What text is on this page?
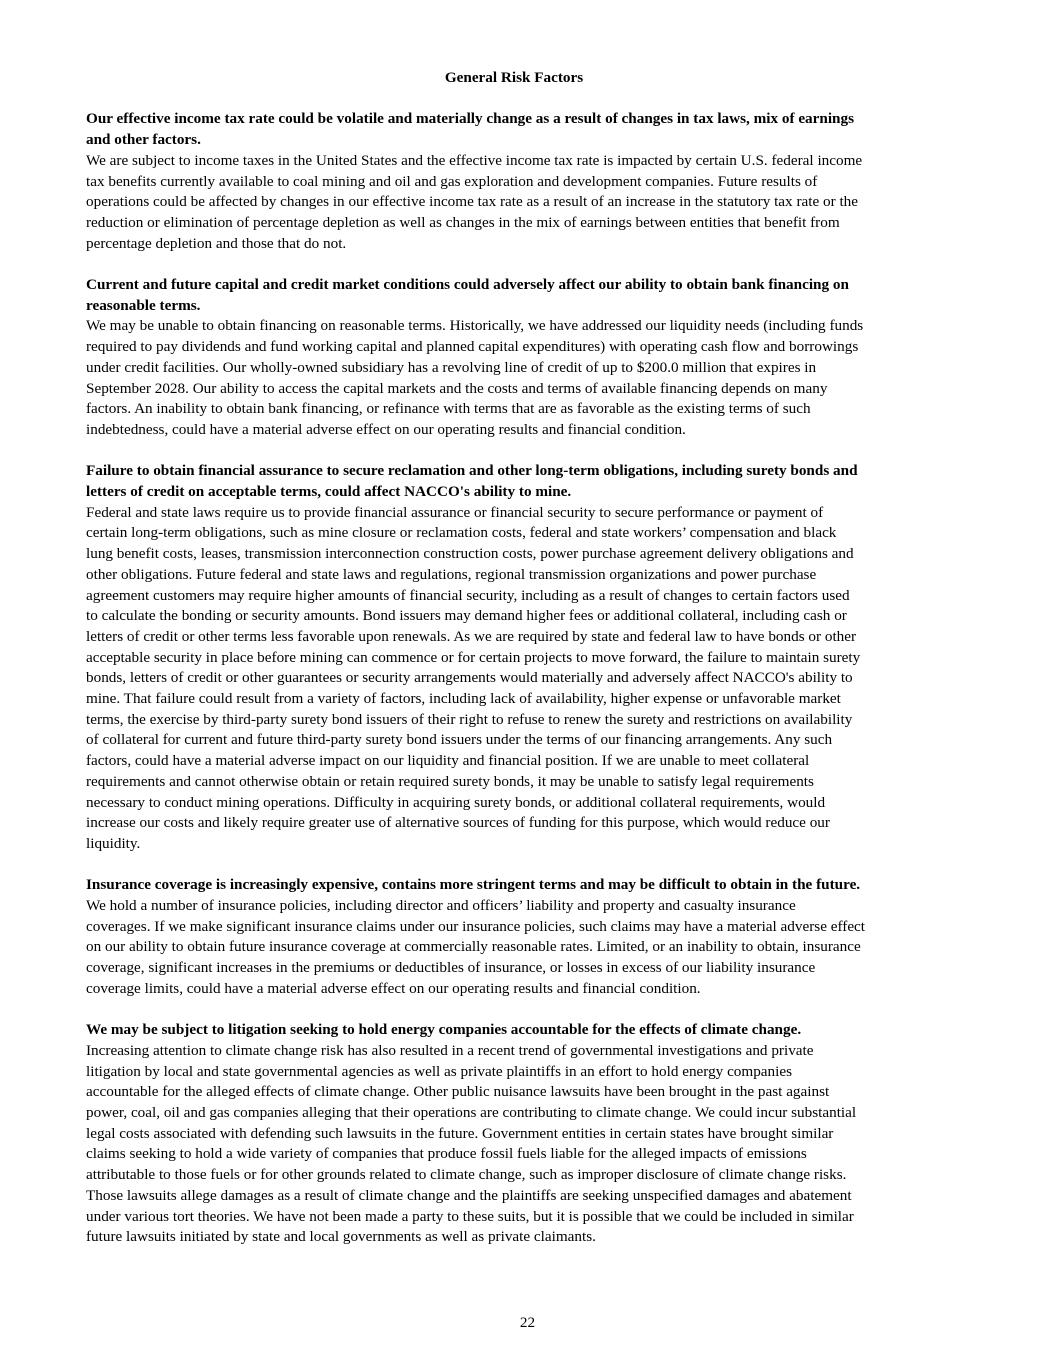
General Risk Factors
Our effective income tax rate could be volatile and materially change as a result of changes in tax laws, mix of earnings
and other factors.
We are subject to income taxes in the United States and the effective income tax rate is impacted by certain U.S. federal income
tax benefits currently available to coal mining and oil and gas exploration and development companies. Future results of
operations could be affected by changes in our effective income tax rate as a result of an increase in the statutory tax rate or the
reduction or elimination of percentage depletion as well as changes in the mix of earnings between entities that benefit from
percentage depletion and those that do not.
Current and future capital and credit market conditions could adversely affect our ability to obtain bank financing on
reasonable terms.
We may be unable to obtain financing on reasonable terms. Historically, we have addressed our liquidity needs (including funds
required to pay dividends and fund working capital and planned capital expenditures) with operating cash flow and borrowings
under credit facilities. Our wholly-owned subsidiary has a revolving line of credit of up to $200.0 million that expires in
September 2028. Our ability to access the capital markets and the costs and terms of available financing depends on many
factors. An inability to obtain bank financing, or refinance with terms that are as favorable as the existing terms of such
indebtedness, could have a material adverse effect on our operating results and financial condition.
Failure to obtain financial assurance to secure reclamation and other long-term obligations, including surety bonds and
letters of credit on acceptable terms, could affect NACCO's ability to mine.
Federal and state laws require us to provide financial assurance or financial security to secure performance or payment of
certain long-term obligations, such as mine closure or reclamation costs, federal and state workers’ compensation and black
lung benefit costs, leases, transmission interconnection construction costs, power purchase agreement delivery obligations and
other obligations. Future federal and state laws and regulations, regional transmission organizations and power purchase
agreement customers may require higher amounts of financial security, including as a result of changes to certain factors used
to calculate the bonding or security amounts. Bond issuers may demand higher fees or additional collateral, including cash or
letters of credit or other terms less favorable upon renewals. As we are required by state and federal law to have bonds or other
acceptable security in place before mining can commence or for certain projects to move forward, the failure to maintain surety
bonds, letters of credit or other guarantees or security arrangements would materially and adversely affect NACCO's ability to
mine. That failure could result from a variety of factors, including lack of availability, higher expense or unfavorable market
terms, the exercise by third-party surety bond issuers of their right to refuse to renew the surety and restrictions on availability
of collateral for current and future third-party surety bond issuers under the terms of our financing arrangements. Any such
factors, could have a material adverse impact on our liquidity and financial position. If we are unable to meet collateral
requirements and cannot otherwise obtain or retain required surety bonds, it may be unable to satisfy legal requirements
necessary to conduct mining operations. Difficulty in acquiring surety bonds, or additional collateral requirements, would
increase our costs and likely require greater use of alternative sources of funding for this purpose, which would reduce our
liquidity.
Insurance coverage is increasingly expensive, contains more stringent terms and may be difficult to obtain in the future.
We hold a number of insurance policies, including director and officers’ liability and property and casualty insurance
coverages. If we make significant insurance claims under our insurance policies, such claims may have a material adverse effect
on our ability to obtain future insurance coverage at commercially reasonable rates. Limited, or an inability to obtain, insurance
coverage, significant increases in the premiums or deductibles of insurance, or losses in excess of our liability insurance
coverage limits, could have a material adverse effect on our operating results and financial condition.
We may be subject to litigation seeking to hold energy companies accountable for the effects of climate change.
Increasing attention to climate change risk has also resulted in a recent trend of governmental investigations and private
litigation by local and state governmental agencies as well as private plaintiffs in an effort to hold energy companies
accountable for the alleged effects of climate change. Other public nuisance lawsuits have been brought in the past against
power, coal, oil and gas companies alleging that their operations are contributing to climate change. We could incur substantial
legal costs associated with defending such lawsuits in the future. Government entities in certain states have brought similar
claims seeking to hold a wide variety of companies that produce fossil fuels liable for the alleged impacts of emissions
attributable to those fuels or for other grounds related to climate change, such as improper disclosure of climate change risks.
Those lawsuits allege damages as a result of climate change and the plaintiffs are seeking unspecified damages and abatement
under various tort theories. We have not been made a party to these suits, but it is possible that we could be included in similar
future lawsuits initiated by state and local governments as well as private claimants.
22
